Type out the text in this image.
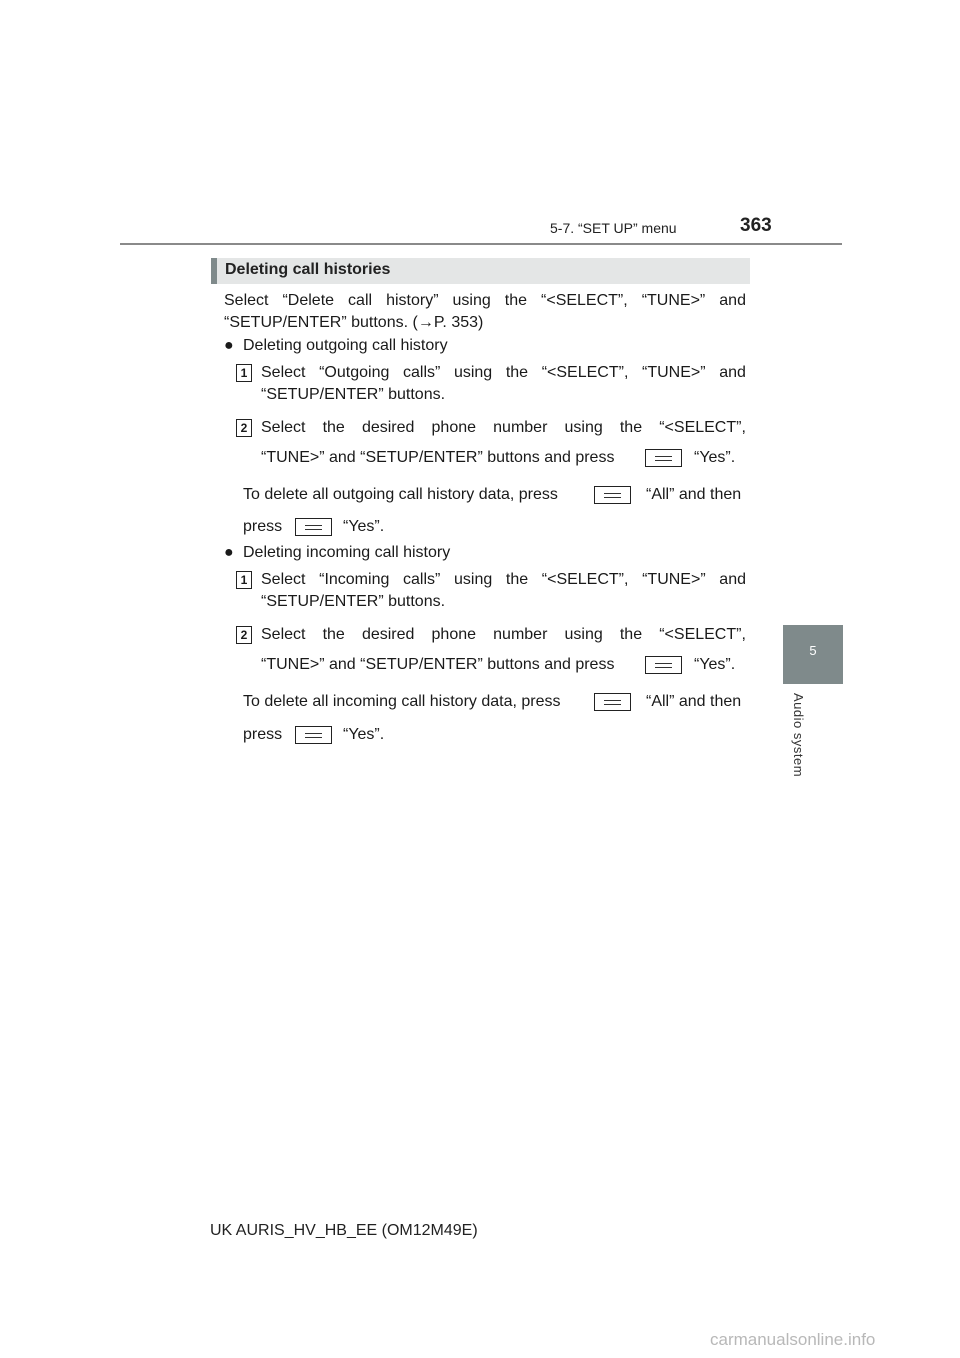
5-7. “SET UP” menu	363
5
Audio system
Deleting call histories
Select “Delete call history” using the “<SELECT”, “TUNE>” and
“SETUP/ENTER” buttons. (→P. 353)
● Deleting outgoing call history
1 Select “Outgoing calls” using the “<SELECT”, “TUNE>” and
“SETUP/ENTER” buttons.
2 Select the desired phone number using the “<SELECT”,
“TUNE>” and “SETUP/ENTER” buttons and press	“Yes”.
To delete all outgoing call history data, press	“All” and then
press	“Yes”.
● Deleting incoming call history
1 Select “Incoming calls” using the “<SELECT”, “TUNE>” and
“SETUP/ENTER” buttons.
2 Select the desired phone number using the “<SELECT”,
“TUNE>” and “SETUP/ENTER” buttons and press	“Yes”.
To delete all incoming call history data, press	“All” and then
press	“Yes”.
UK AURIS_HV_HB_EE (OM12M49E)
carmanualsonline.info
